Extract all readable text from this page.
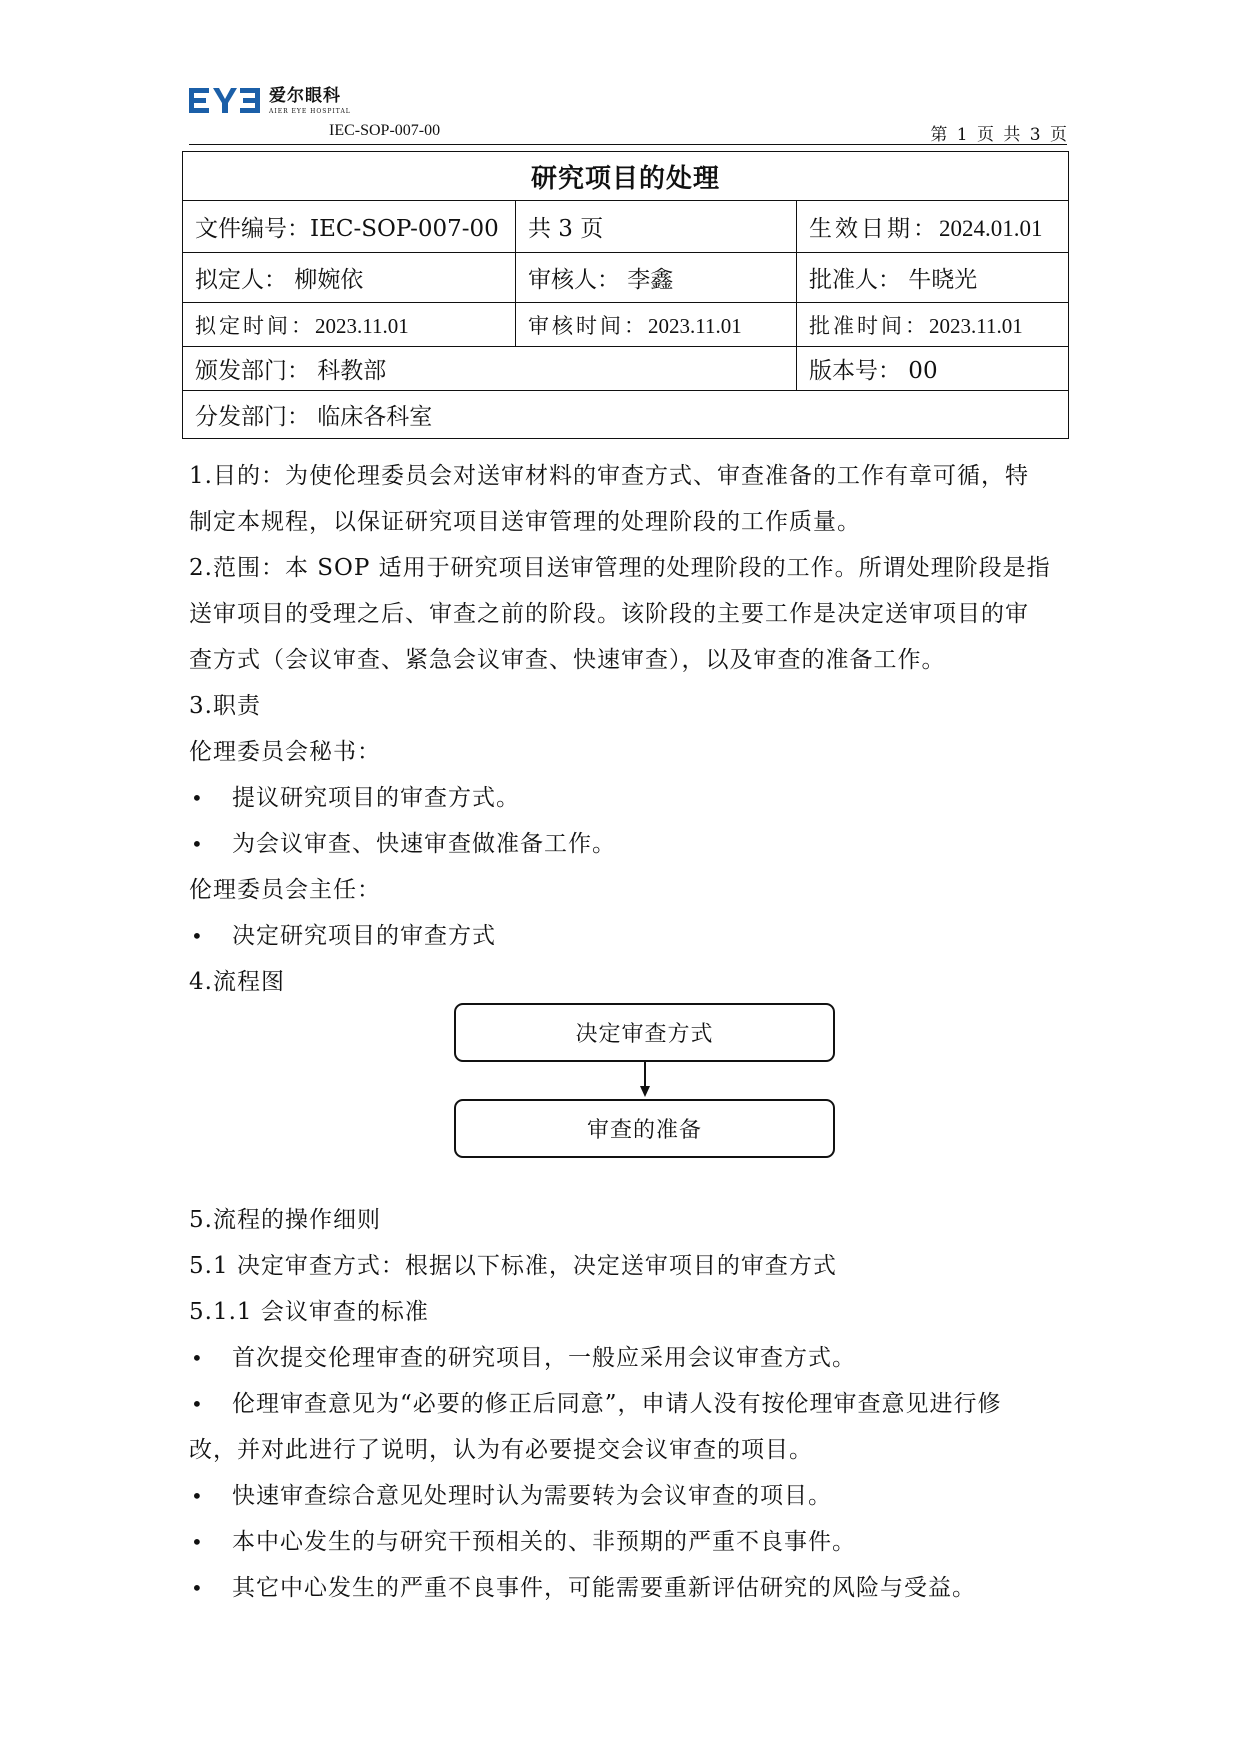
爱尔眼科
AIER EYE HOSPITAL
IEC-SOP-007-00	第 1 页 共 3 页
研究项目的处理		
文件编号：IEC-SOP-007-00	共 3 页	生效日期：2024.01.01
拟定人： 柳婉依	审核人： 李鑫	批准人： 牛晓光
拟定时间：2023.11.01	审核时间：2023.11.01	批准时间：2023.11.01
颁发部门： 科教部		版本号： 00
分发部门： 临床各科室		
1.目的：为使伦理委员会对送审材料的审查方式、审查准备的工作有章可循，特
制定本规程，以保证研究项目送审管理的处理阶段的工作质量。
2.范围：本 SOP 适用于研究项目送审管理的处理阶段的工作。所谓处理阶段是指
送审项目的受理之后、审查之前的阶段。该阶段的主要工作是决定送审项目的审
查方式（会议审查、紧急会议审查、快速审查），以及审查的准备工作。
3.职责
伦理委员会秘书：
• 提议研究项目的审查方式。
• 为会议审查、快速审查做准备工作。
伦理委员会主任：
• 决定研究项目的审查方式
4.流程图
决定审查方式
审查的准备
5.流程的操作细则
5.1 决定审查方式：根据以下标准，决定送审项目的审查方式
5.1.1 会议审查的标准
• 首次提交伦理审查的研究项目，一般应采用会议审查方式。
• 伦理审查意见为“必要的修正后同意”，申请人没有按伦理审查意见进行修
改，并对此进行了说明，认为有必要提交会议审查的项目。
• 快速审查综合意见处理时认为需要转为会议审查的项目。
• 本中心发生的与研究干预相关的、非预期的严重不良事件。
• 其它中心发生的严重不良事件，可能需要重新评估研究的风险与受益。
